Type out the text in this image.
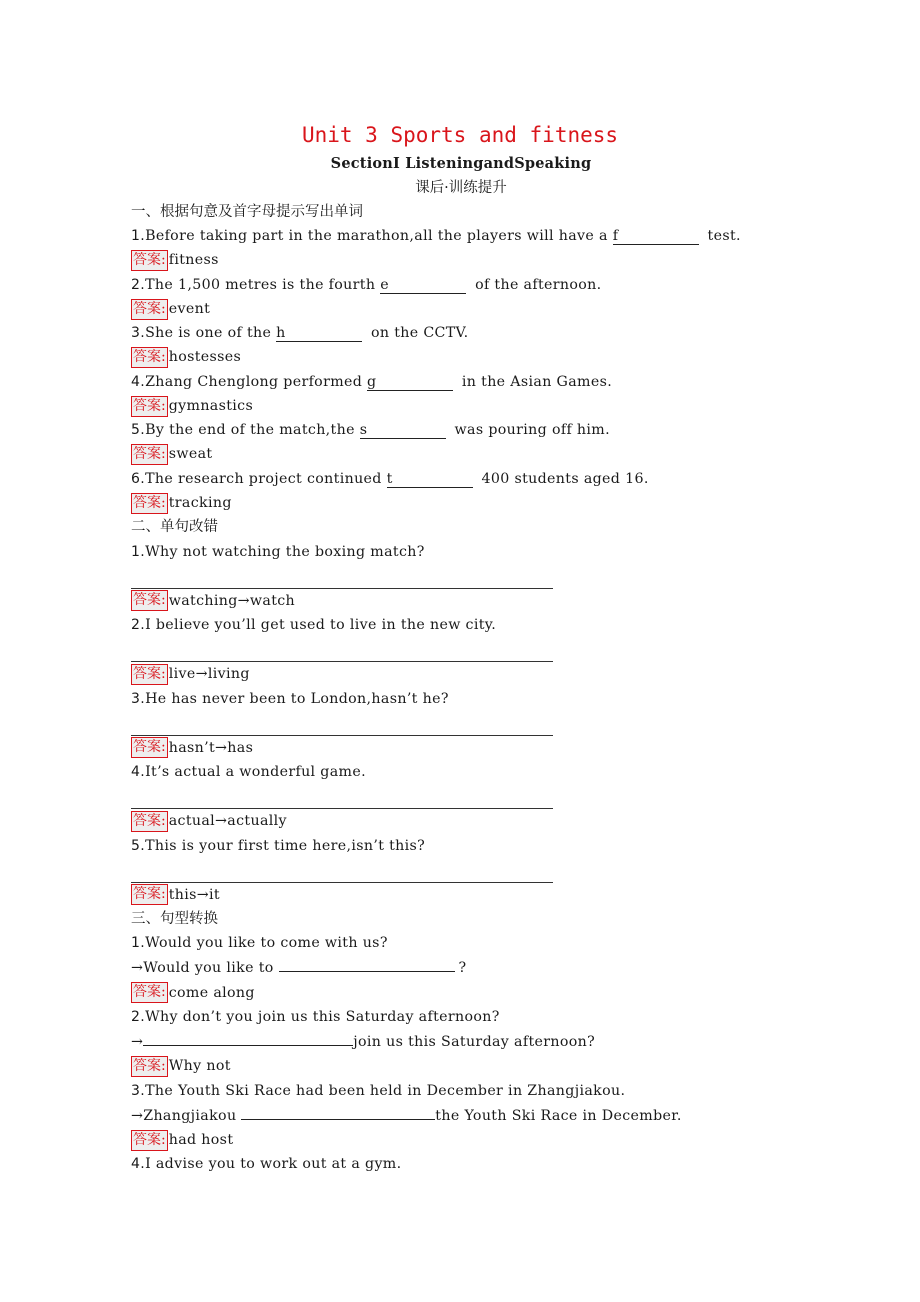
Unit 3 Sports and fitness
SectionⅠ ListeningandSpeaking
课后·训练提升
一、根据句意及首字母提示写出单词
1.Before taking part in the marathon,all the players will have a f	test.
答案: fitness
2.The 1,500 metres is the fourth e	of the afternoon.
答案: event
3.She is one of the h	on the CCTV.
答案: hostesses
4.Zhang Chenglong performed g	in the Asian Games.
答案: gymnastics
5.By the end of the match,the s	was pouring off him.
答案: sweat
6.The research project continued t	400 students aged 16.
答案: tracking
二、单句改错
1.Why not watching the boxing match?
答案: watching→watch
2.I believe you’ll get used to live in the new city.
答案: live→living
3.He has never been to London,hasn’t he?
答案: hasn’t→has
4.It’s actual a wonderful game.
答案: actual→actually
5.This is your first time here,isn’t this?
答案: this→it
三、句型转换
1.Would you like to come with us?
→Would you like to	?
答案: come along
2.Why don’t you join us this Saturday afternoon?
→	join us this Saturday afternoon?
答案: Why not
3.The Youth Ski Race had been held in December in Zhangjiakou.
→Zhangjiakou	the Youth Ski Race in December.
答案: had host
4.I advise you to work out at a gym.
